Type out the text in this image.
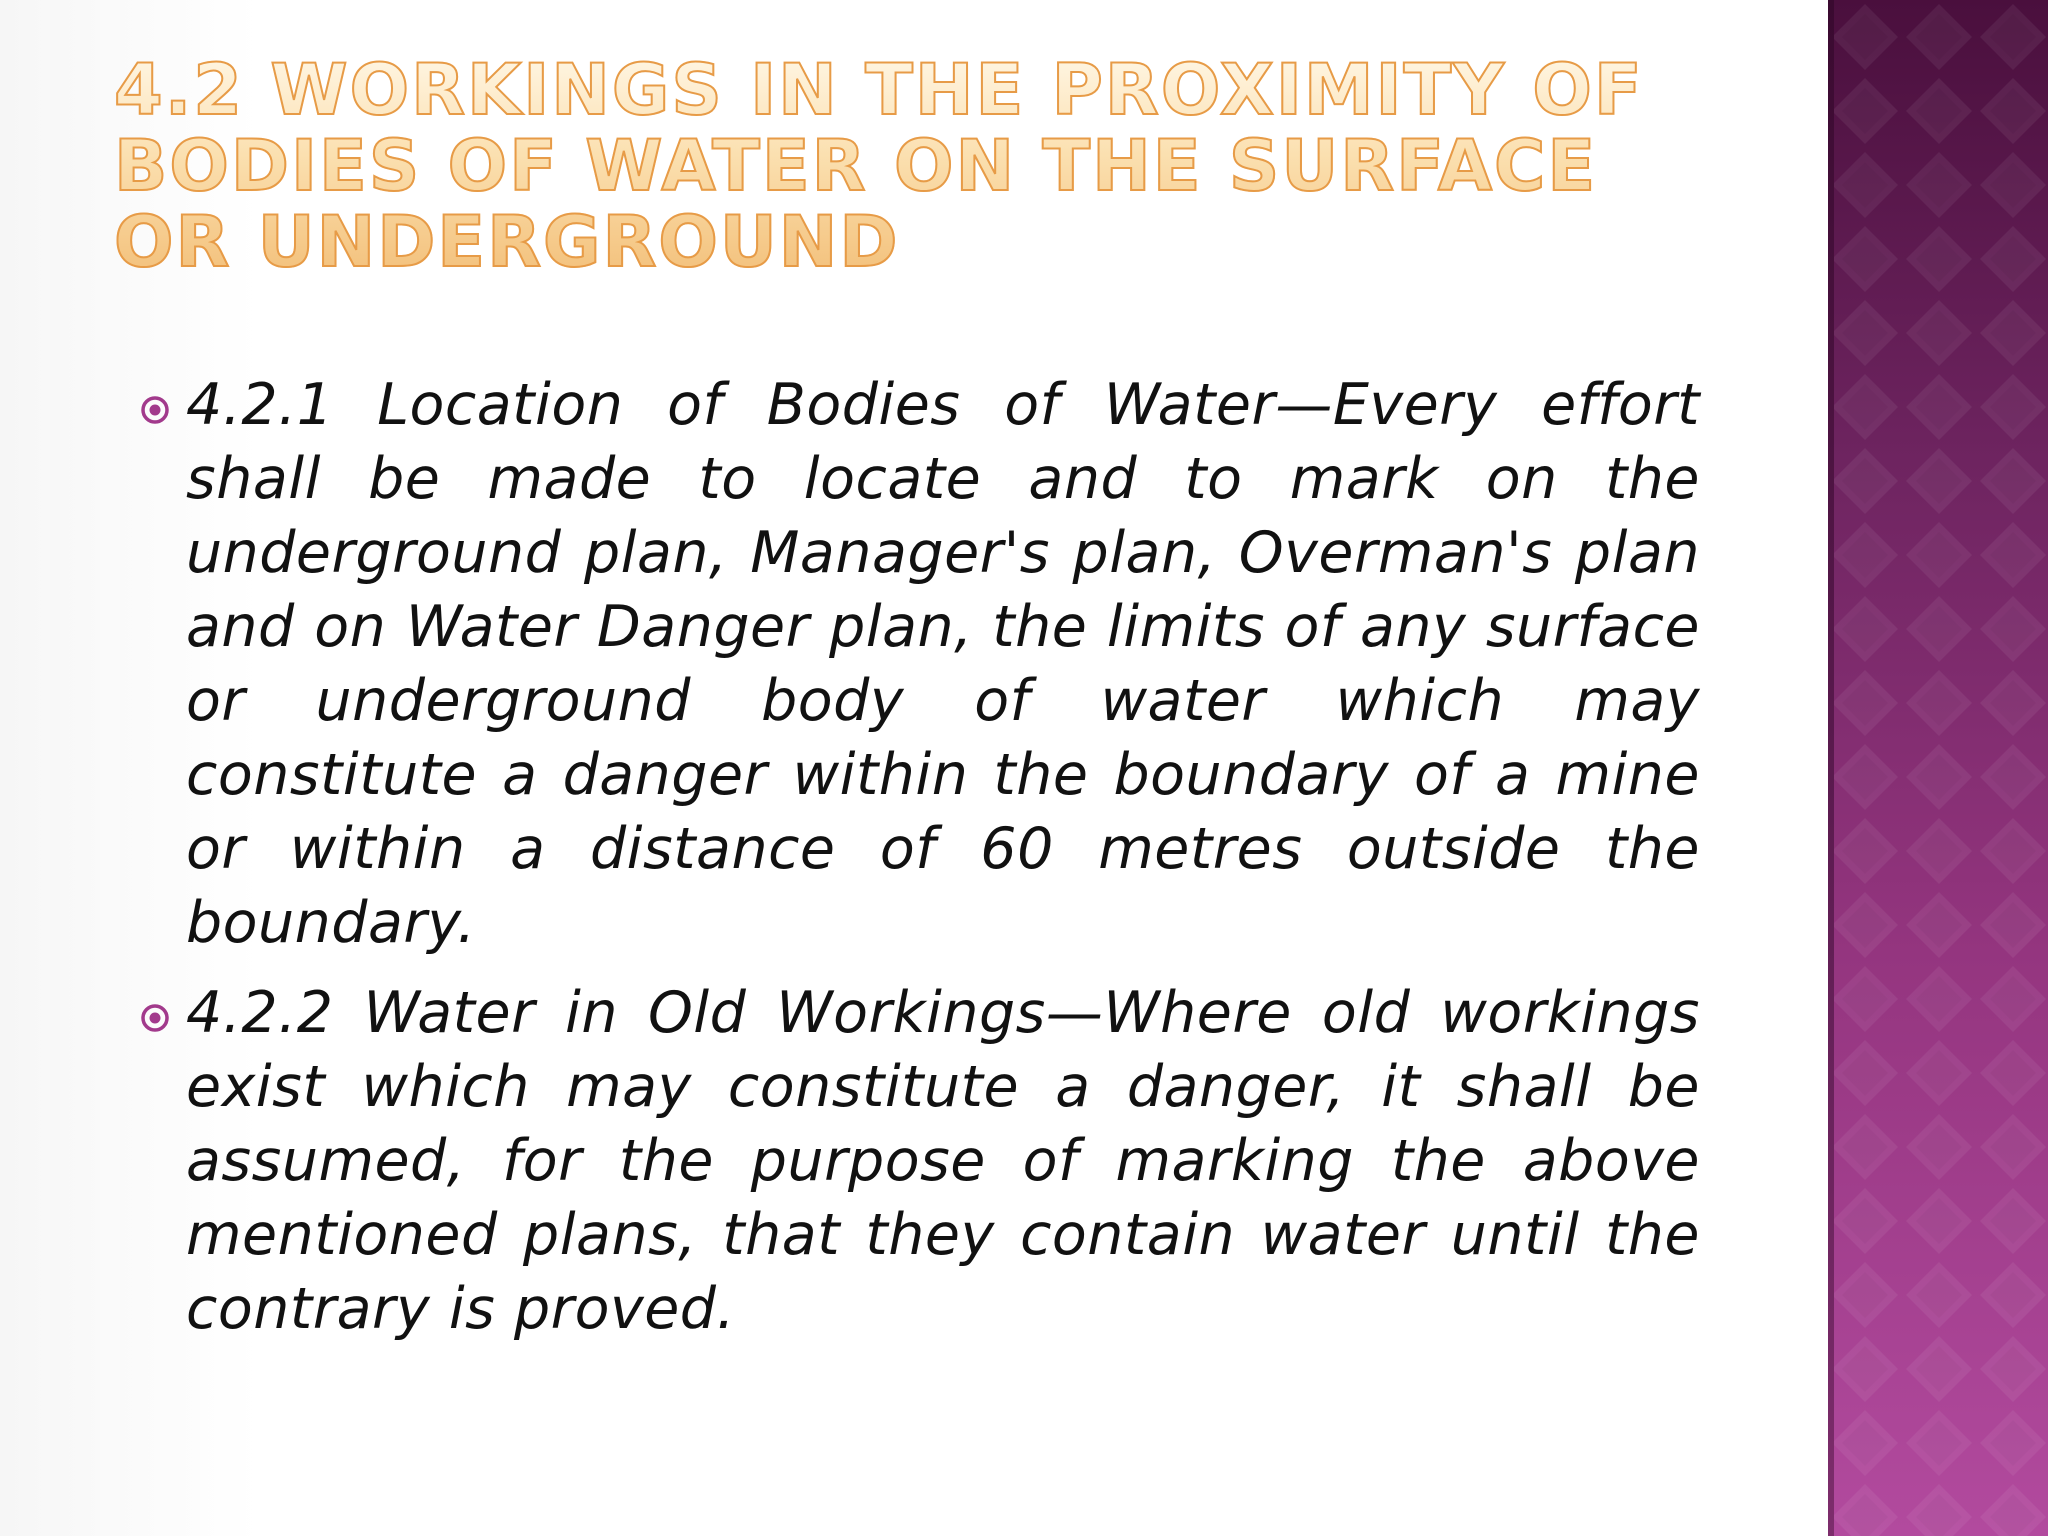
4.2 WORKINGS IN THE PROXIMITY OF BODIES OF WATER ON THE SURFACE OR UNDERGROUND
4.2.1 Location of Bodies of Water—Every effort shall be made to locate and to mark on the underground plan, Manager's plan, Overman's plan and on Water Danger plan, the limits of any surface or underground body of water which may constitute a danger within the boundary of a mine or within a distance of 60 metres outside the boundary.
4.2.2 Water in Old Workings—Where old workings exist which may constitute a danger, it shall be assumed, for the purpose of marking the above mentioned plans, that they contain water until the contrary is proved.
